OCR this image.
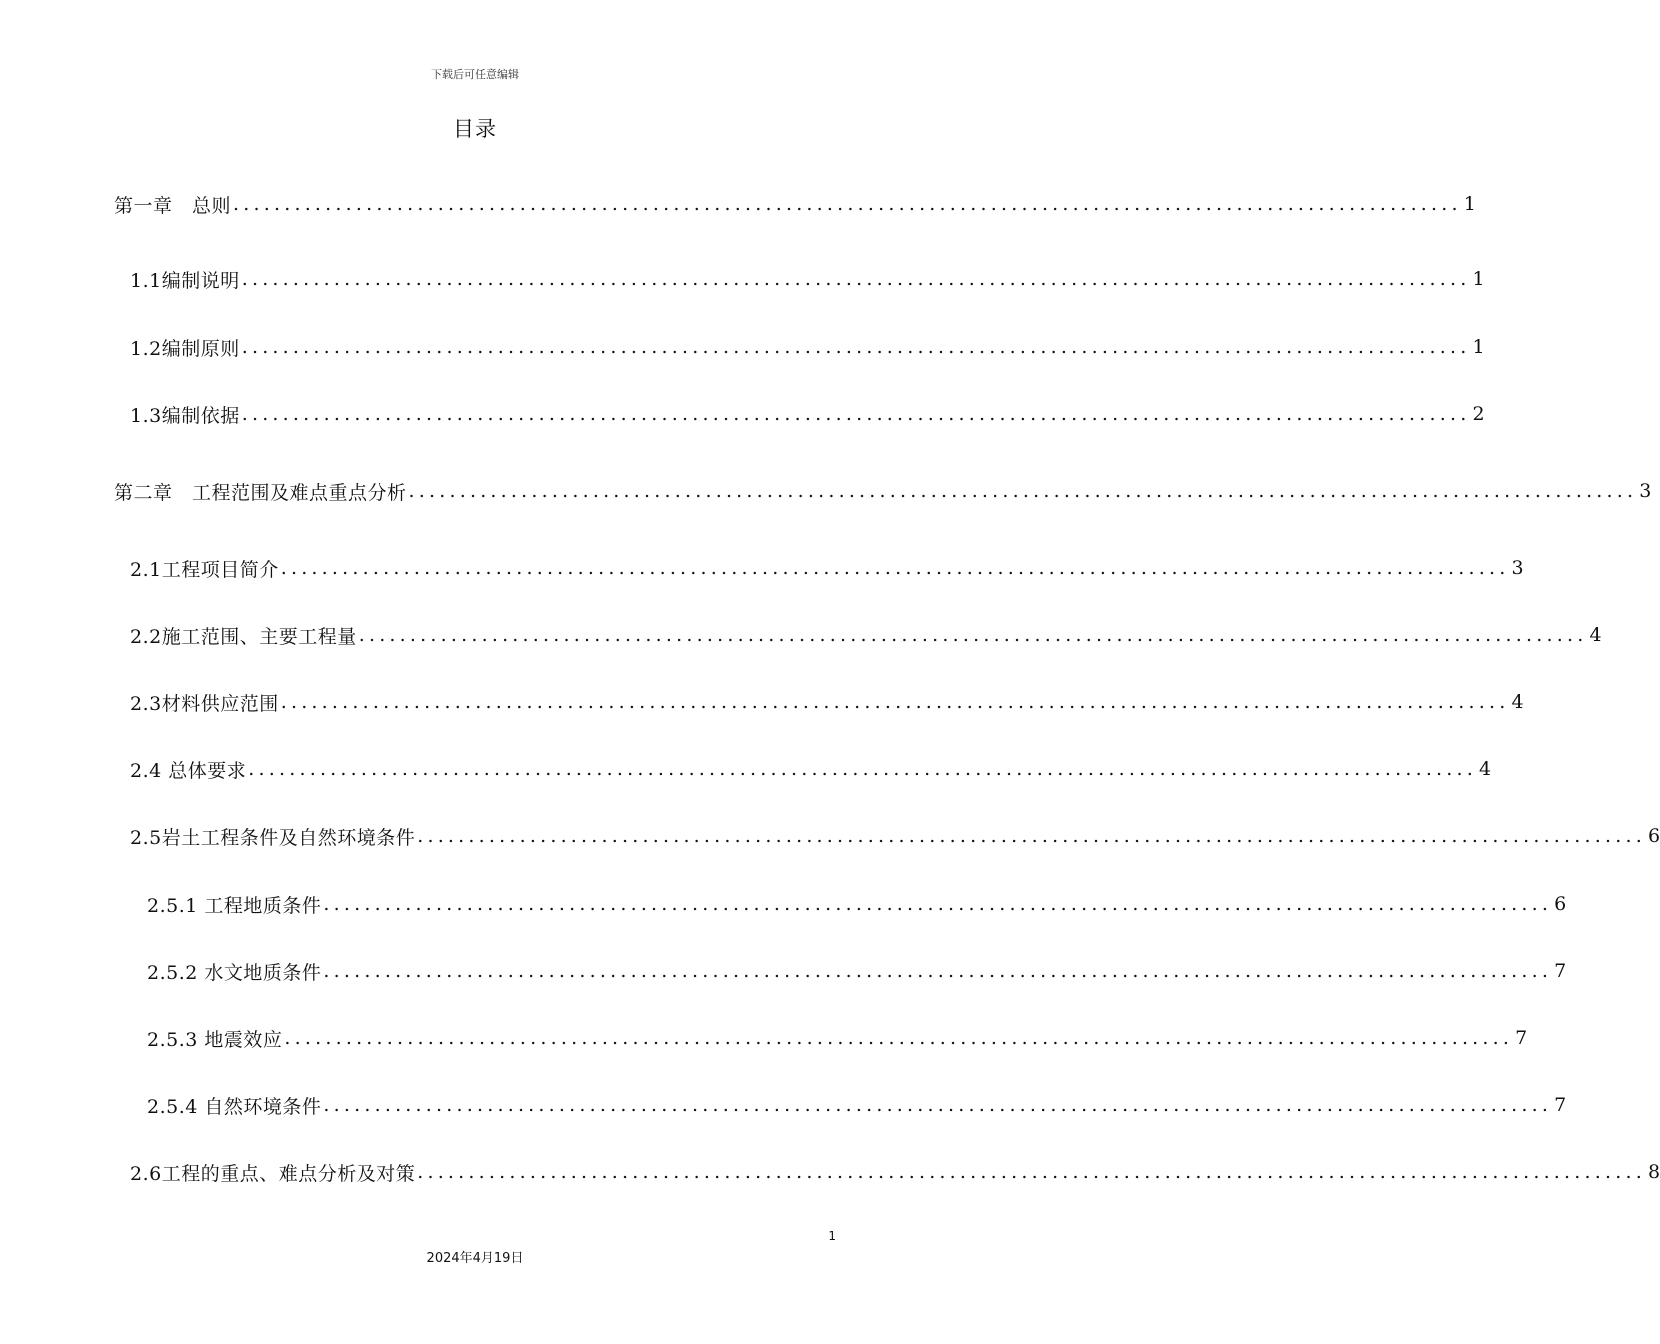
下载后可任意编辑
目录
第一章　总则 ........................................................................................................................ 1
1.1编制说明 ........................................................................................................................ 1
1.2编制原则 ........................................................................................................................ 1
1.3编制依据 ........................................................................................................................ 2
第二章　工程范围及难点重点分析 ........................................................................................................................ 3
2.1工程项目简介 ........................................................................................................................ 3
2.2施工范围、主要工程量 ........................................................................................................................ 4
2.3材料供应范围 ........................................................................................................................ 4
2.4 总体要求 ........................................................................................................................ 4
2.5岩土工程条件及自然环境条件 ........................................................................................................................ 6
2.5.1 工程地质条件 ........................................................................................................................ 6
2.5.2 水文地质条件 ........................................................................................................................ 7
2.5.3 地震效应 ........................................................................................................................ 7
2.5.4 自然环境条件 ........................................................................................................................ 7
2.6工程的重点、难点分析及对策 ........................................................................................................................ 8
1
2024年4月19日
